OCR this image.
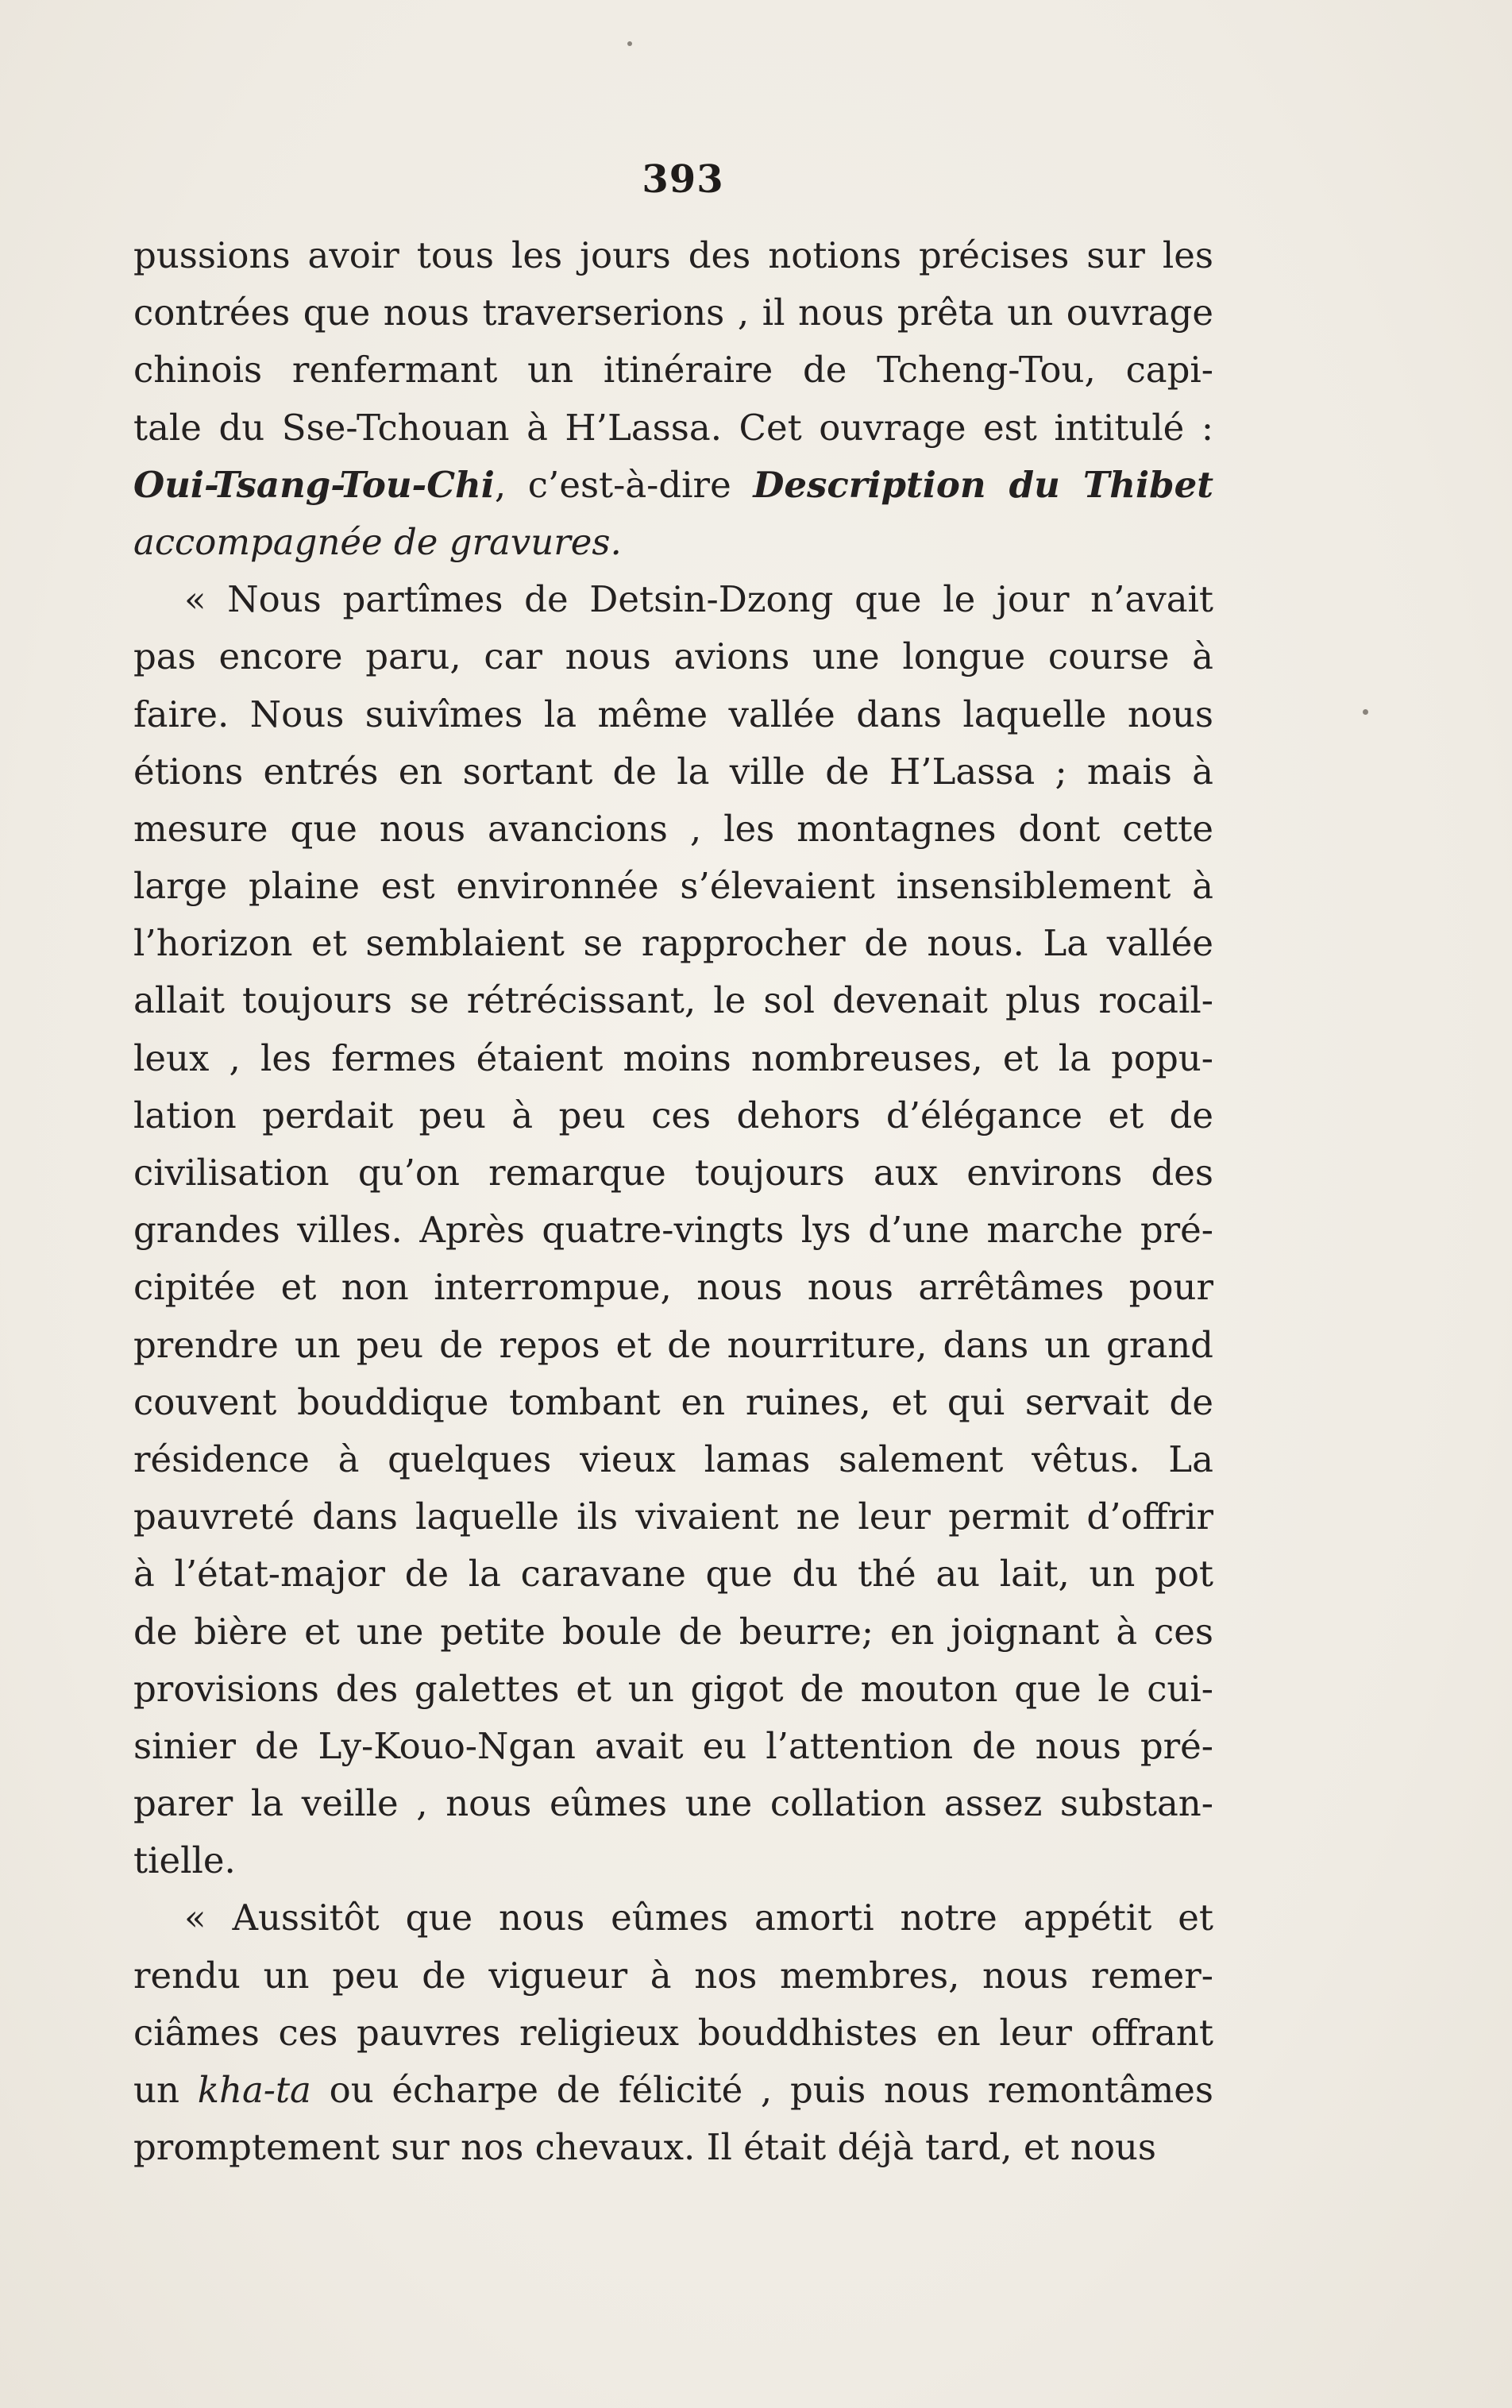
393
pussions avoir tous les jours des notions précises sur les
contrées que nous traverserions , il nous prêta un ouvrage
chinois renfermant un itinéraire de Tcheng-Tou, capi-
tale du Sse-Tchouan à H’Lassa. Cet ouvrage est intitulé :
Oui-Tsang-Tou-Chi, c’est-à-dire Description du Thibet
accompagnée de gravures.
« Nous partîmes de Detsin-Dzong que le jour n’avait
pas encore paru, car nous avions une longue course à
faire. Nous suivîmes la même vallée dans laquelle nous
étions entrés en sortant de la ville de H’Lassa ; mais à
mesure que nous avancions , les montagnes dont cette
large plaine est environnée s’élevaient insensiblement à
l’horizon et semblaient se rapprocher de nous. La vallée
allait toujours se rétrécissant, le sol devenait plus rocail-
leux , les fermes étaient moins nombreuses, et la popu-
lation perdait peu à peu ces dehors d’élégance et de
civilisation qu’on remarque toujours aux environs des
grandes villes. Après quatre-vingts lys d’une marche pré-
cipitée et non interrompue, nous nous arrêtâmes pour
prendre un peu de repos et de nourriture, dans un grand
couvent bouddique tombant en ruines, et qui servait de
résidence à quelques vieux lamas salement vêtus. La
pauvreté dans laquelle ils vivaient ne leur permit d’offrir
à l’état-major de la caravane que du thé au lait, un pot
de bière et une petite boule de beurre; en joignant à ces
provisions des galettes et un gigot de mouton que le cui-
sinier de Ly-Kouo-Ngan avait eu l’attention de nous pré-
parer la veille , nous eûmes une collation assez substan-
tielle.
« Aussitôt que nous eûmes amorti notre appétit et
rendu un peu de vigueur à nos membres, nous remer-
ciâmes ces pauvres religieux bouddhistes en leur offrant
un kha-ta ou écharpe de félicité , puis nous remontâmes
promptement sur nos chevaux. Il était déjà tard, et nous
